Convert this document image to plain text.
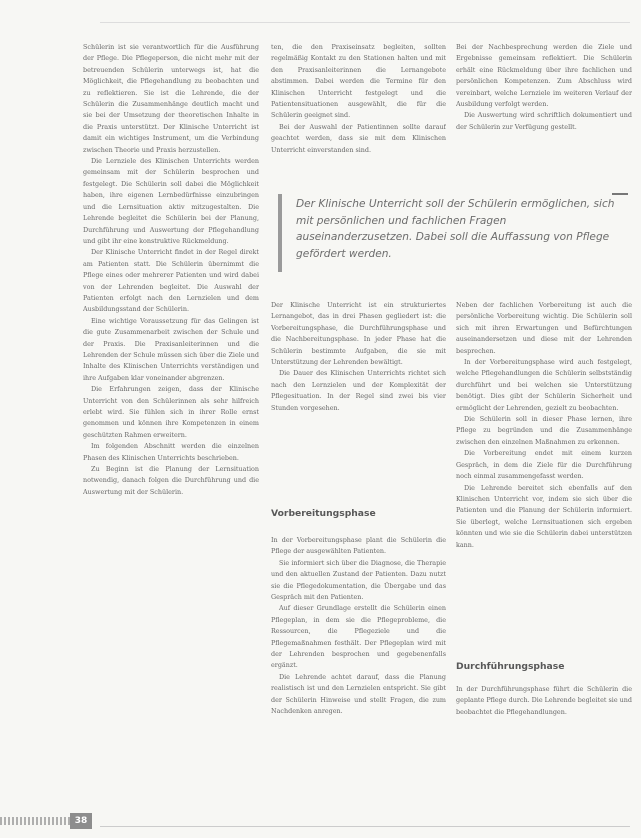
Schülerin ist sie verantwortlich für die Ausführung der Pflege. Die Pflegeperson, die nicht mehr mit der betreuenden Schülerin unterwegs ist, hat die Möglichkeit, die Pflegehandlung zu beobachten und zu reflektieren. Sie ist die Lehrende, die der Schülerin die Zusammenhänge deutlich macht und sie bei der Umsetzung der theoretischen Inhalte in die Praxis unterstützt. Der Klinische Unterricht ist damit ein wichtiges Instrument, um die Verbindung zwischen Theorie und Praxis herzustellen.

Die Lernziele des Klinischen Unterrichts werden gemeinsam mit der Schülerin besprochen und festgelegt. Die Schülerin soll dabei die Möglichkeit haben, ihre eigenen Lernbedürfnisse einzubringen und die Lernsituation aktiv mitzugestalten. Die Lehrende begleitet die Schülerin bei der Planung, Durchführung und Auswertung der Pflegehandlung und gibt ihr eine konstruktive Rückmeldung.

Der Klinische Unterricht findet in der Regel direkt am Patienten statt. Die Schülerin übernimmt die Pflege eines oder mehrerer Patienten und wird dabei von der Lehrenden begleitet. Die Auswahl der Patienten erfolgt nach den Lernzielen und dem Ausbildungsstand der Schülerin.

Eine wichtige Voraussetzung für das Gelingen ist die gute Zusammenarbeit zwischen der Schule und der Praxis. Die Praxisanleiterinnen und die Lehrenden der Schule müssen sich über die Ziele und Inhalte des Klinischen Unterrichts verständigen und ihre Aufgaben klar voneinander abgrenzen.

Die Erfahrungen zeigen, dass der Klinische Unterricht von den Schülerinnen als sehr hilfreich erlebt wird. Sie fühlen sich in ihrer Rolle ernst genommen und können ihre Kompetenzen in einem geschützten Rahmen erweitern.

Im folgenden Abschnitt werden die einzelnen Phasen des Klinischen Unterrichts beschrieben.

Zu Beginn ist die Planung der Lernsituation notwendig, danach folgen die Durchführung und die Auswertung mit der Schülerin.

ten, die den Praxiseinsatz begleiten, sollten regelmäßig Kontakt zu den Stationen halten und mit den Praxisanleiterinnen die Lernangebote abstimmen. Dabei werden die Termine für den Klinischen Unterricht festgelegt und die Patientensituationen ausgewählt, die für die Schülerin geeignet sind.

Bei der Auswahl der Patientinnen sollte darauf geachtet werden, dass sie mit dem Klinischen Unterricht einverstanden sind.

Bei der Nachbesprechung werden die Ziele und Ergebnisse gemeinsam reflektiert. Die Schülerin erhält eine Rückmeldung über ihre fachlichen und persönlichen Kompetenzen. Zum Abschluss wird vereinbart, welche Lernziele im weiteren Verlauf der Ausbildung verfolgt werden.

Die Auswertung wird schriftlich dokumentiert und der Schülerin zur Verfügung gestellt.

Der Klinische Unterricht soll der Schülerin ermöglichen, sich mit persönlichen und fachlichen Fragen auseinanderzusetzen. Dabei soll die Auffassung von Pflege gefördert werden.

Der Klinische Unterricht ist ein strukturiertes Lernangebot, das in drei Phasen gegliedert ist: die Vorbereitungsphase, die Durchführungsphase und die Nachbereitungsphase. In jeder Phase hat die Schülerin bestimmte Aufgaben, die sie mit Unterstützung der Lehrenden bewältigt.

Die Dauer des Klinischen Unterrichts richtet sich nach den Lernzielen und der Komplexität der Pflegesituation. In der Regel sind zwei bis vier Stunden vorgesehen.

Vorbereitungsphase

In der Vorbereitungsphase plant die Schülerin die Pflege der ausgewählten Patienten.

Sie informiert sich über die Diagnose, die Therapie und den aktuellen Zustand der Patienten. Dazu nutzt sie die Pflegedokumentation, die Übergabe und das Gespräch mit den Patienten.

Auf dieser Grundlage erstellt die Schülerin einen Pflegeplan, in dem sie die Pflegeprobleme, die Ressourcen, die Pflegeziele und die Pflegemaßnahmen festhält. Der Pflegeplan wird mit der Lehrenden besprochen und gegebenenfalls ergänzt.

Die Lehrende achtet darauf, dass die Planung realistisch ist und den Lernzielen entspricht. Sie gibt der Schülerin Hinweise und stellt Fragen, die zum Nachdenken anregen.

Neben der fachlichen Vorbereitung ist auch die persönliche Vorbereitung wichtig. Die Schülerin soll sich mit ihren Erwartungen und Befürchtungen auseinandersetzen und diese mit der Lehrenden besprechen.

In der Vorbereitungsphase wird auch festgelegt, welche Pflegehandlungen die Schülerin selbstständig durchführt und bei welchen sie Unterstützung benötigt. Dies gibt der Schülerin Sicherheit und ermöglicht der Lehrenden, gezielt zu beobachten.

Die Schülerin soll in dieser Phase lernen, ihre Pflege zu begründen und die Zusammenhänge zwischen den einzelnen Maßnahmen zu erkennen.

Die Vorbereitung endet mit einem kurzen Gespräch, in dem die Ziele für die Durchführung noch einmal zusammengefasst werden.

Die Lehrende bereitet sich ebenfalls auf den Klinischen Unterricht vor, indem sie sich über die Patienten und die Planung der Schülerin informiert. Sie überlegt, welche Lernsituationen sich ergeben könnten und wie sie die Schülerin dabei unterstützen kann.

Durchführungsphase

In der Durchführungsphase führt die Schülerin die geplante Pflege durch. Die Lehrende begleitet sie und beobachtet die Pflegehandlungen.

38
